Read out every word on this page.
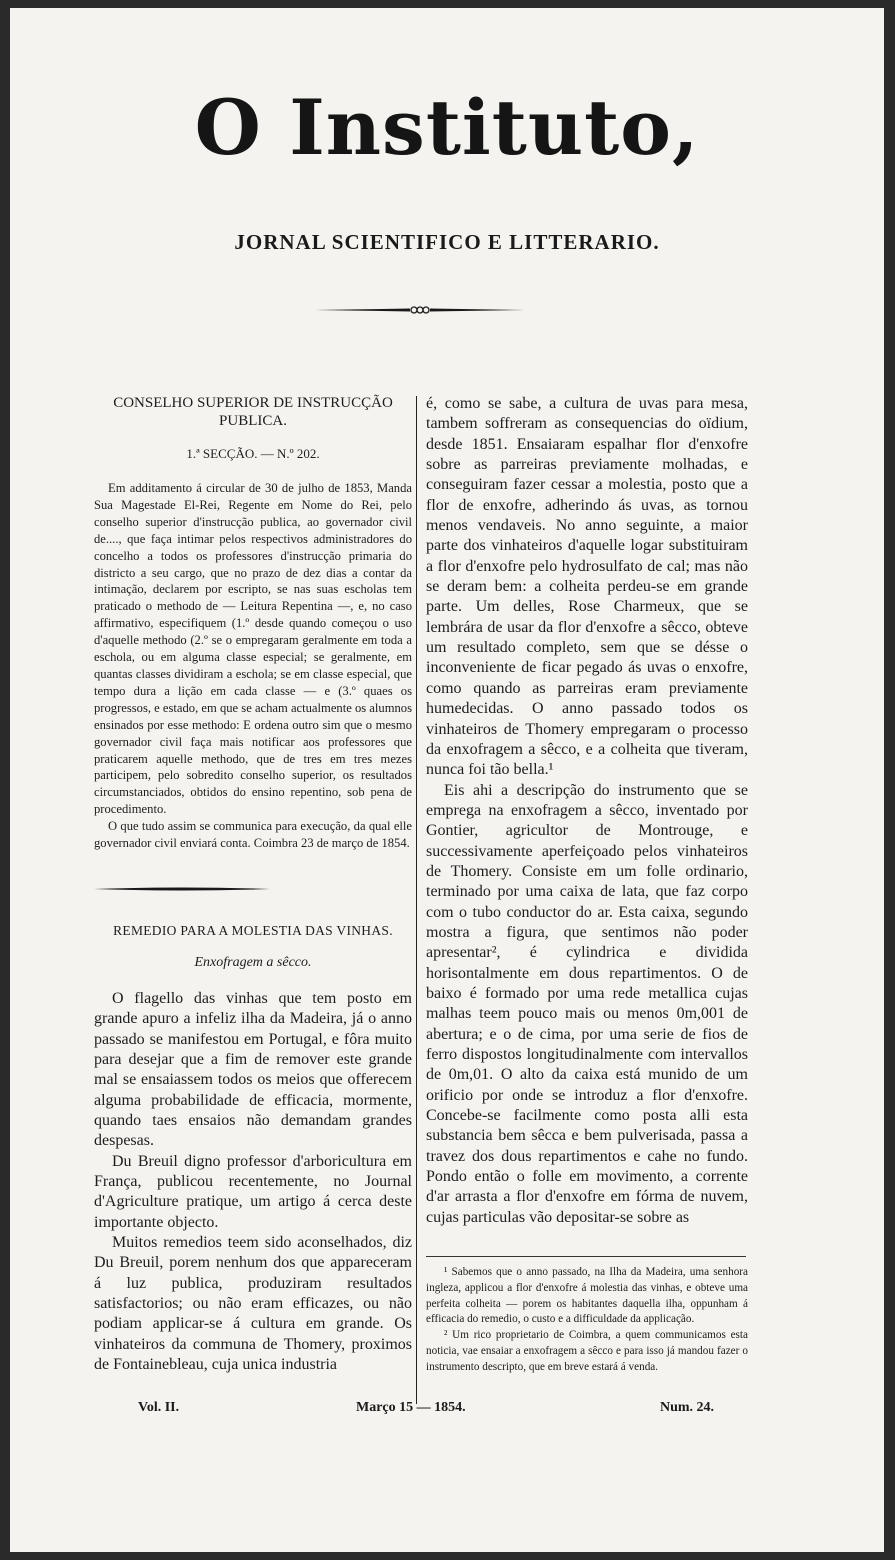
O Instituto,
JORNAL SCIENTIFICO E LITTERARIO.

CONSELHO SUPERIOR DE INSTRUCÇÃO PUBLICA.

1.ª SECÇÃO. — N.º 202.

Em additamento á circular de 30 de julho de 1853, Manda Sua Magestade El-Rei, Regente em Nome do Rei, pelo conselho superior d'instrucção publica, ao governador civil de...., que faça intimar pelos respectivos administradores do concelho a todos os professores d'instrucção primaria do districto a seu cargo, que no prazo de dez dias a contar da intimação, declarem por escripto, se nas suas escholas tem praticado o methodo de — Leitura Repentina —, e, no caso affirmativo, especifiquem (1.º desde quando começou o uso d'aquelle methodo (2.º se o empregaram geralmente em toda a eschola, ou em alguma classe especial; se geralmente, em quantas classes dividiram a eschola; se em classe especial, que tempo dura a lição em cada classe — e (3.º quaes os progressos, e estado, em que se acham actualmente os alumnos ensinados por esse methodo: E ordena outro sim que o mesmo governador civil faça mais notificar aos professores que praticarem aquelle methodo, que de tres em tres mezes participem, pelo sobredito conselho superior, os resultados circumstanciados, obtidos do ensino repentino, sob pena de procedimento.

O que tudo assim se communica para execução, da qual elle governador civil enviará conta. Coimbra 23 de março de 1854.

REMEDIO PARA A MOLESTIA DAS VINHAS.

Enxofragem a sêcco.

O flagello das vinhas que tem posto em grande apuro a infeliz ilha da Madeira, já o anno passado se manifestou em Portugal, e fôra muito para desejar que a fim de remover este grande mal se ensaiassem todos os meios que offerecem alguma probabilidade de efficacia, mormente, quando taes ensaios não demandam grandes despesas.

Du Breuil digno professor d'arboricultura em França, publicou recentemente, no Journal d'Agriculture pratique, um artigo á cerca deste importante objecto.

Muitos remedios teem sido aconselhados, diz Du Breuil, porem nenhum dos que appareceram á luz publica, produziram resultados satisfactorios; ou não eram efficazes, ou não podiam applicar-se á cultura em grande. Os vinhateiros da communa de Thomery, proximos de Fontainebleau, cuja unica industria

é, como se sabe, a cultura de uvas para mesa, tambem soffreram as consequencias do oïdium, desde 1851. Ensaiaram espalhar flor d'enxofre sobre as parreiras previamente molhadas, e conseguiram fazer cessar a molestia, posto que a flor de enxofre, adherindo ás uvas, as tornou menos vendaveis. No anno seguinte, a maior parte dos vinhateiros d'aquelle logar substituiram a flor d'enxofre pelo hydrosulfato de cal; mas não se deram bem: a colheita perdeu-se em grande parte. Um delles, Rose Charmeux, que se lembrára de usar da flor d'enxofre a sêcco, obteve um resultado completo, sem que se désse o inconveniente de ficar pegado ás uvas o enxofre, como quando as parreiras eram previamente humedecidas. O anno passado todos os vinhateiros de Thomery empregaram o processo da enxofragem a sêcco, e a colheita que tiveram, nunca foi tão bella.¹

Eis ahi a descripção do instrumento que se emprega na enxofragem a sêcco, inventado por Gontier, agricultor de Montrouge, e successivamente aperfeiçoado pelos vinhateiros de Thomery. Consiste em um folle ordinario, terminado por uma caixa de lata, que faz corpo com o tubo conductor do ar. Esta caixa, segundo mostra a figura, que sentimos não poder apresentar², é cylindrica e dividida horisontalmente em dous repartimentos. O de baixo é formado por uma rede metallica cujas malhas teem pouco mais ou menos 0m,001 de abertura; e o de cima, por uma serie de fios de ferro dispostos longitudinalmente com intervallos de 0m,01. O alto da caixa está munido de um orificio por onde se introduz a flor d'enxofre. Concebe-se facilmente como posta alli esta substancia bem sêcca e bem pulverisada, passa a travez dos dous repartimentos e cahe no fundo. Pondo então o folle em movimento, a corrente d'ar arrasta a flor d'enxofre em fórma de nuvem, cujas particulas vão depositar-se sobre as

¹ Sabemos que o anno passado, na Ilha da Madeira, uma senhora ingleza, applicou a flor d'enxofre á molestia das vinhas, e obteve uma perfeita colheita — porem os habitantes daquella ilha, oppunham á efficacia do remedio, o custo e a difficuldade da applicação.

² Um rico proprietario de Coimbra, a quem communicamos esta noticia, vae ensaiar a enxofragem a sêcco e para isso já mandou fazer o instrumento descripto, que em breve estará á venda.

Vol. II.	Março 15 — 1854.	Num. 24.
